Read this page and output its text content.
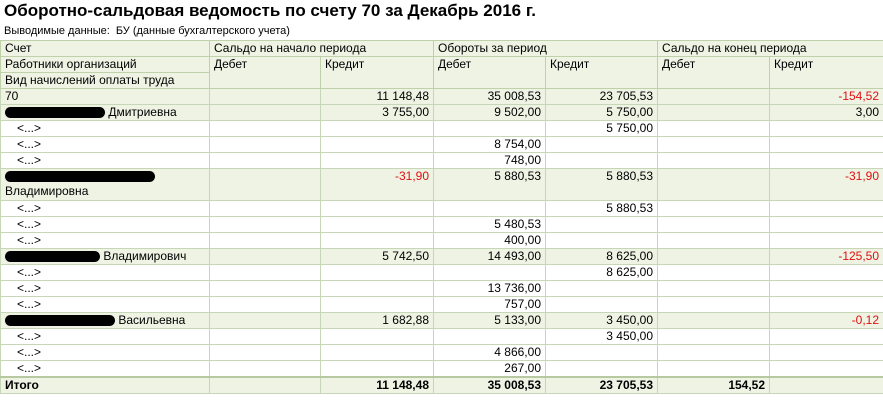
Оборотно-сальдовая ведомость по счету 70 за Декабрь 2016 г.
Выводимые данные: БУ (данные бухгалтерского учета)
Счет	Сальдо на начало периода		Обороты за период		Сальдо на конец периода	
Работники организаций	Дебет	Кредит	Дебет	Кредит	Дебет	Кредит
Вид начислений оплаты труда						
70		11 148,48	35 008,53	23 705,53		-154,52
Дмитриевна		3 755,00	9 502,00	5 750,00		3,00
<...>				5 750,00		
<...>			8 754,00			
<...>			748,00			

Владимировна		-31,90	5 880,53	5 880,53		-31,90
<...>				5 880,53		
<...>			5 480,53			
<...>			400,00			
Владимирович		5 742,50	14 493,00	8 625,00		-125,50
<...>				8 625,00		
<...>			13 736,00			
<...>			757,00			
Васильевна		1 682,88	5 133,00	3 450,00		-0,12
<...>				3 450,00		
<...>			4 866,00			
<...>			267,00			
Итого		11 148,48	35 008,53	23 705,53	154,52	
